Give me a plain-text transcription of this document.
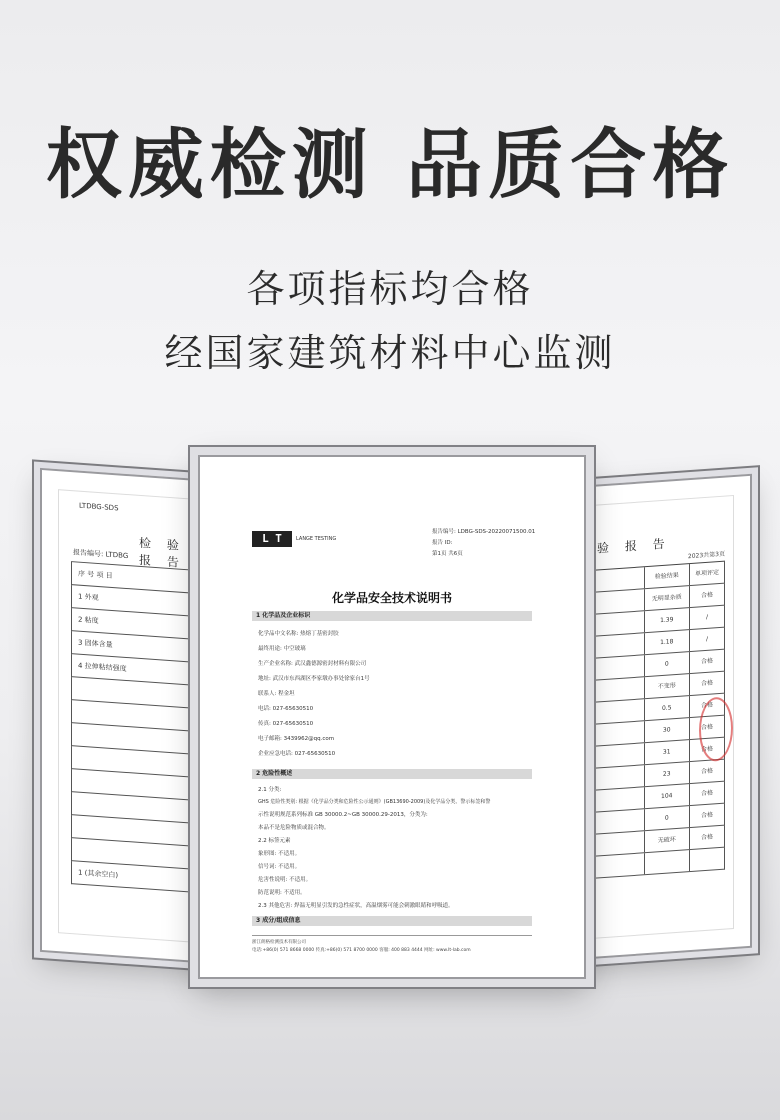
权威检测 品质合格
各项指标均合格
经国家建筑材料中心监测
LTDBG-SDS
检 验 报 告
报告编号: LTDBG
序 号 项 目
1 外观
2 粘度
3 固体含量
4 拉伸粘结强度
1 (其余空白)
验 报 告	2023共第3页
检验结果	单项评定
无明显杂质	合格
1.39	/
1.18	/
0	合格
不变形	合格
0.5	合格
30	合格
31	合格
23	合格
104	合格
0	合格
无破坏	合格
L T	LANGE TESTING
报告编号: LDBG-SDS-20220071500.01
报告 ID:
第1页 共6页
化学品安全技术说明书
1 化学品及企业标识
化学品中文名称: 热熔丁基密封胶
最终用途: 中空玻璃
生产企业名称: 武汉鑫德源密封材料有限公司
地址: 武汉市东西湖区李家墩办事处徐家台1号
联系人: 程金坦
电话: 027-65630510
传真: 027-65630510
电子邮箱: 3439962@qq.com
企业应急电话: 027-65630510
2 危险性概述
2.1 分类:
GHS 危险性类别: 根据《化学品分类和危险性公示通则》(GB13690-2009)及化学品分类、警示标签和警
示性说明规范系列标准 GB 30000.2~GB 30000.29-2013，分类为:
本品不是危险物质或混合物。
2.2 标签元素
象形图: 不适用。
信号词: 不适用。
危害性说明: 不适用。
防范说明: 不适用。
2.3 其他危害: 焊温无明显引发的急性症状，高温烟雾可能会刺激眼睛和呼吸道。
3 成分/组成信息
浙江朗格检测技术有限公司
电话:+86(0) 571 8668 0000 传真:+86(0) 571 8700 0000 客服: 400 883 4444 网址: www.lt-lab.com
